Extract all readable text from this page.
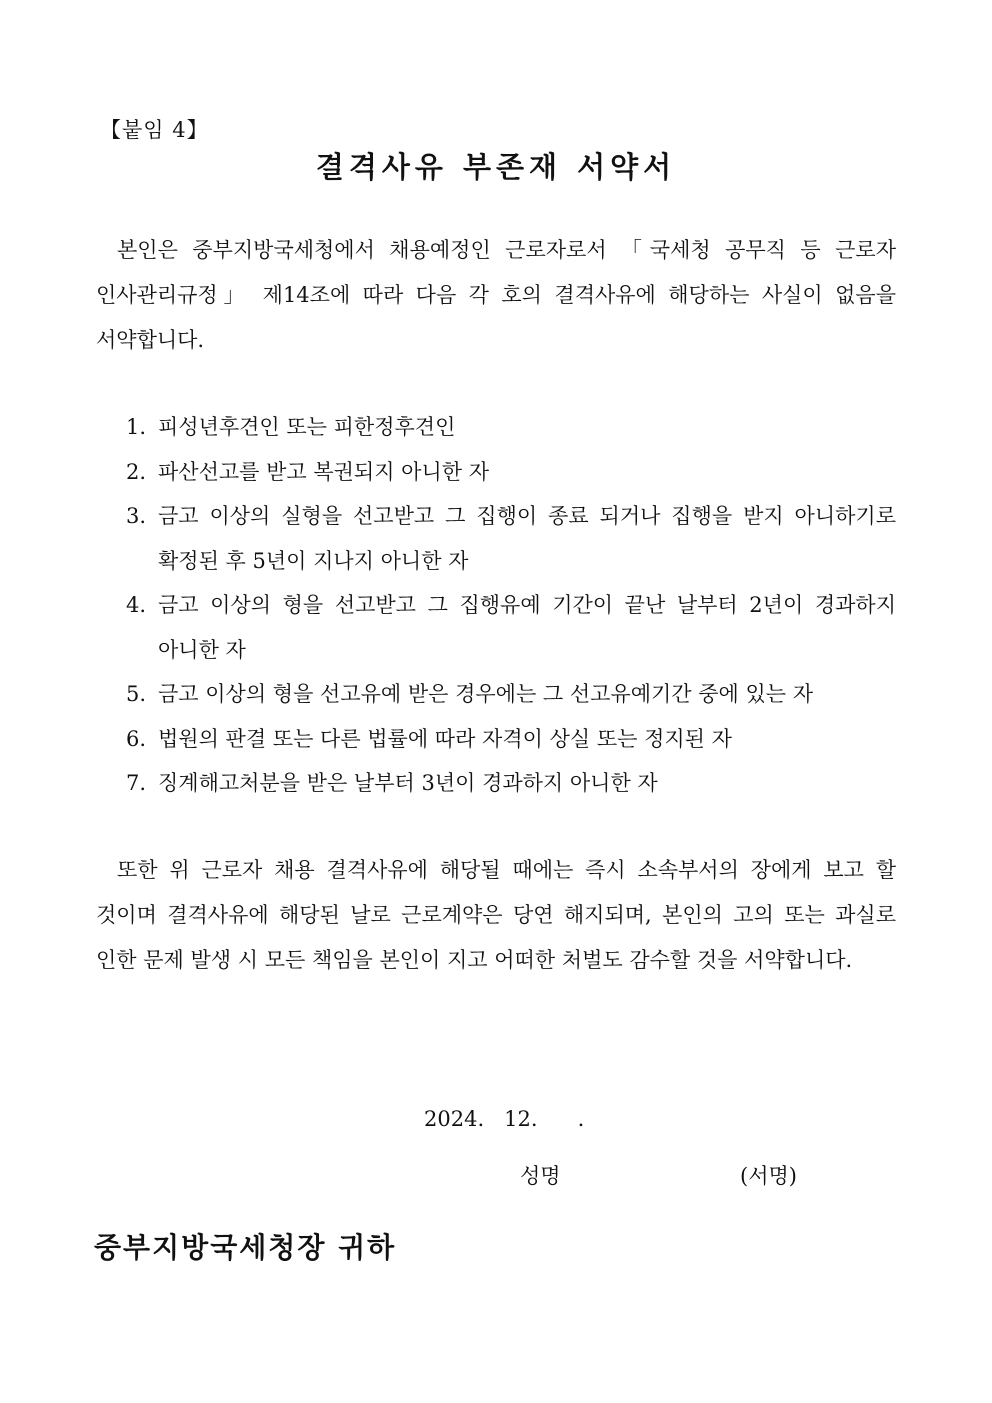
【붙임 4】
결격사유 부존재 서약서
본인은 중부지방국세청에서 채용예정인 근로자로서 「국세청 공무직 등 근로자 인사관리규정」 제14조에 따라 다음 각 호의 결격사유에 해당하는 사실이 없음을 서약합니다.
1. 피성년후견인 또는 피한정후견인
2. 파산선고를 받고 복권되지 아니한 자
3. 금고 이상의 실형을 선고받고 그 집행이 종료 되거나 집행을 받지 아니하기로 확정된 후 5년이 지나지 아니한 자
4. 금고 이상의 형을 선고받고 그 집행유예 기간이 끝난 날부터 2년이 경과하지 아니한 자
5. 금고 이상의 형을 선고유예 받은 경우에는 그 선고유예기간 중에 있는 자
6. 법원의 판결 또는 다른 법률에 따라 자격이 상실 또는 정지된 자
7. 징계해고처분을 받은 날부터 3년이 경과하지 아니한 자
또한 위 근로자 채용 결격사유에 해당될 때에는 즉시 소속부서의 장에게 보고 할 것이며 결격사유에 해당된 날로 근로계약은 당연 해지되며, 본인의 고의 또는 과실로 인한 문제 발생 시 모든 책임을 본인이 지고 어떠한 처벌도 감수할 것을 서약합니다.
2024.   12.      .
성명	(서명)
중부지방국세청장 귀하
